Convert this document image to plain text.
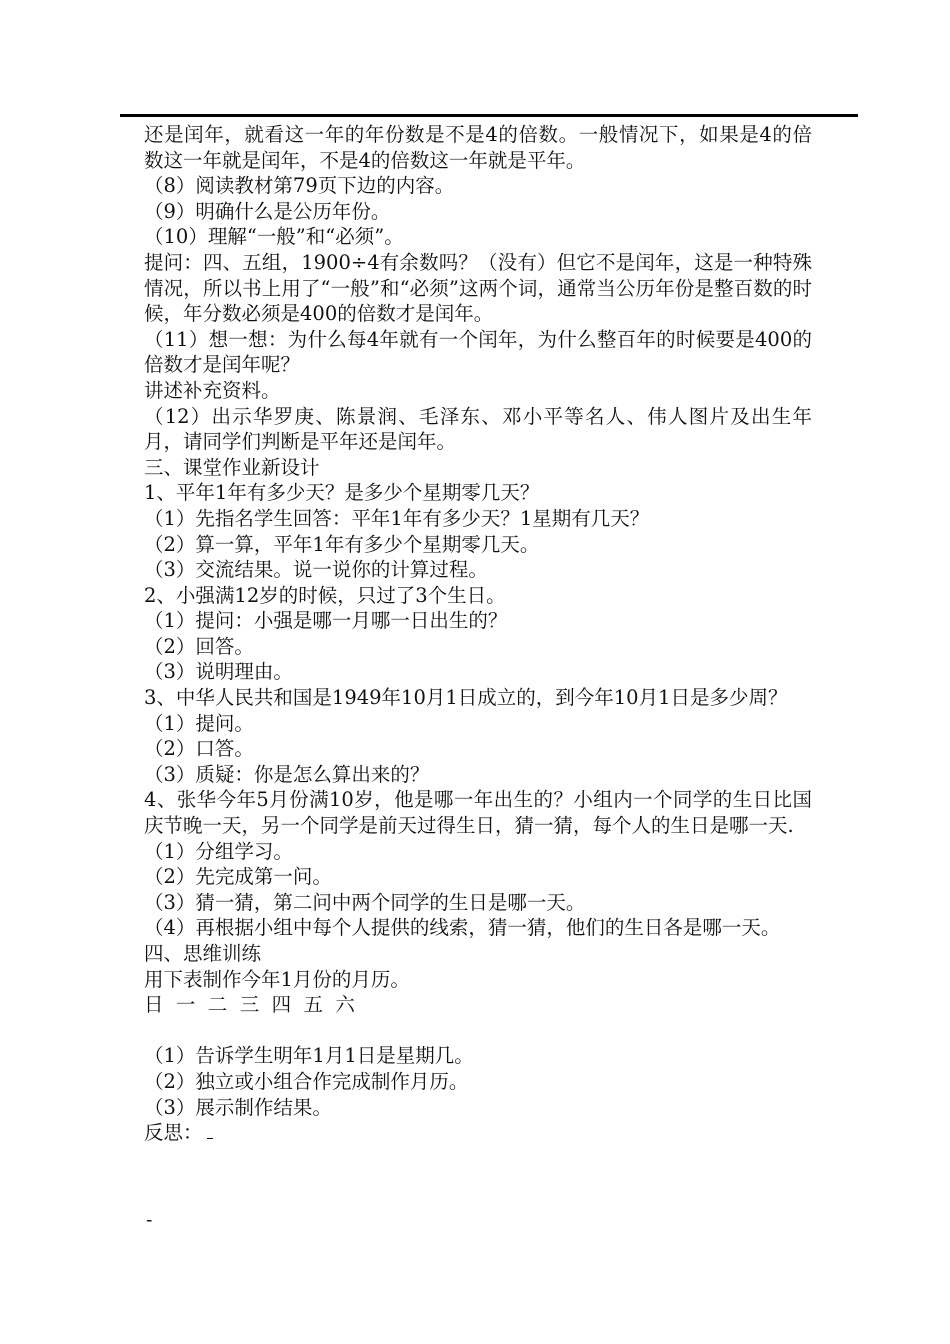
还是闰年，就看这一年的年份数是不是4的倍数。一般情况下，如果是4的倍数这一年就是闰年，不是4的倍数这一年就是平年。

（8）阅读教材第79页下边的内容。

（9）明确什么是公历年份。

（10）理解“一般”和“必须”。

提问：四、五组，1900÷4有余数吗？（没有）但它不是闰年，这是一种特殊情况，所以书上用了“一般”和“必须”这两个词，通常当公历年份是整百数的时候，年分数必须是400的倍数才是闰年。

（11）想一想：为什么每4年就有一个闰年，为什么整百年的时候要是400的倍数才是闰年呢？

讲述补充资料。

（12）出示华罗庚、陈景润、毛泽东、邓小平等名人、伟人图片及出生年月，请同学们判断是平年还是闰年。

三、课堂作业新设计

1、平年1年有多少天？是多少个星期零几天？

（1）先指名学生回答：平年1年有多少天？1星期有几天？

（2）算一算，平年1年有多少个星期零几天。

（3）交流结果。说一说你的计算过程。

2、小强满12岁的时候，只过了3个生日。

（1）提问：小强是哪一月哪一日出生的？

（2）回答。

（3）说明理由。

3、中华人民共和国是1949年10月1日成立的，到今年10月1日是多少周？

（1）提问。

（2）口答。

（3）质疑：你是怎么算出来的？

4、张华今年5月份满10岁，他是哪一年出生的？小组内一个同学的生日比国庆节晚一天，另一个同学是前天过得生日，猜一猜，每个人的生日是哪一天.

（1）分组学习。

（2）先完成第一问。

（3）猜一猜，第二问中两个同学的生日是哪一天。

（4）再根据小组中每个人提供的线索，猜一猜，他们的生日各是哪一天。

四、思维训练

用下表制作今年1月份的月历。

日  一  二  三  四  五  六

（1）告诉学生明年1月1日是星期几。

（2）独立或小组合作完成制作月历。

（3）展示制作结果。

反思：

-
